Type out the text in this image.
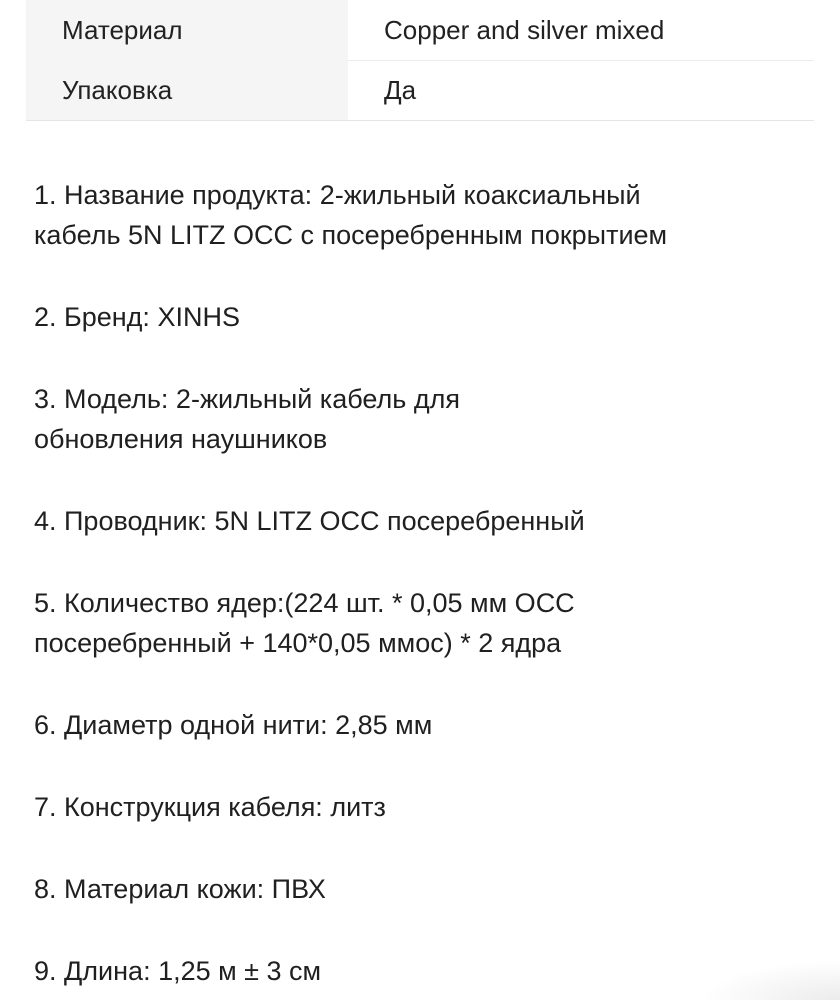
Материал	Copper and silver mixed
Упаковка	Да

1. Название продукта: 2-жильный коаксиальный
кабель 5N LITZ OCC с посеребренным покрытием

2. Бренд: XINHS

3. Модель: 2-жильный кабель для
обновления наушников

4. Проводник: 5N LITZ OCC посеребренный

5. Количество ядер:(224 шт. * 0,05 мм OCC
посеребренный + 140*0,05 ммос) * 2 ядра

6. Диаметр одной нити: 2,85 мм

7. Конструкция кабеля: литз

8. Материал кожи: ПВХ

9. Длина: 1,25 м ± 3 см
